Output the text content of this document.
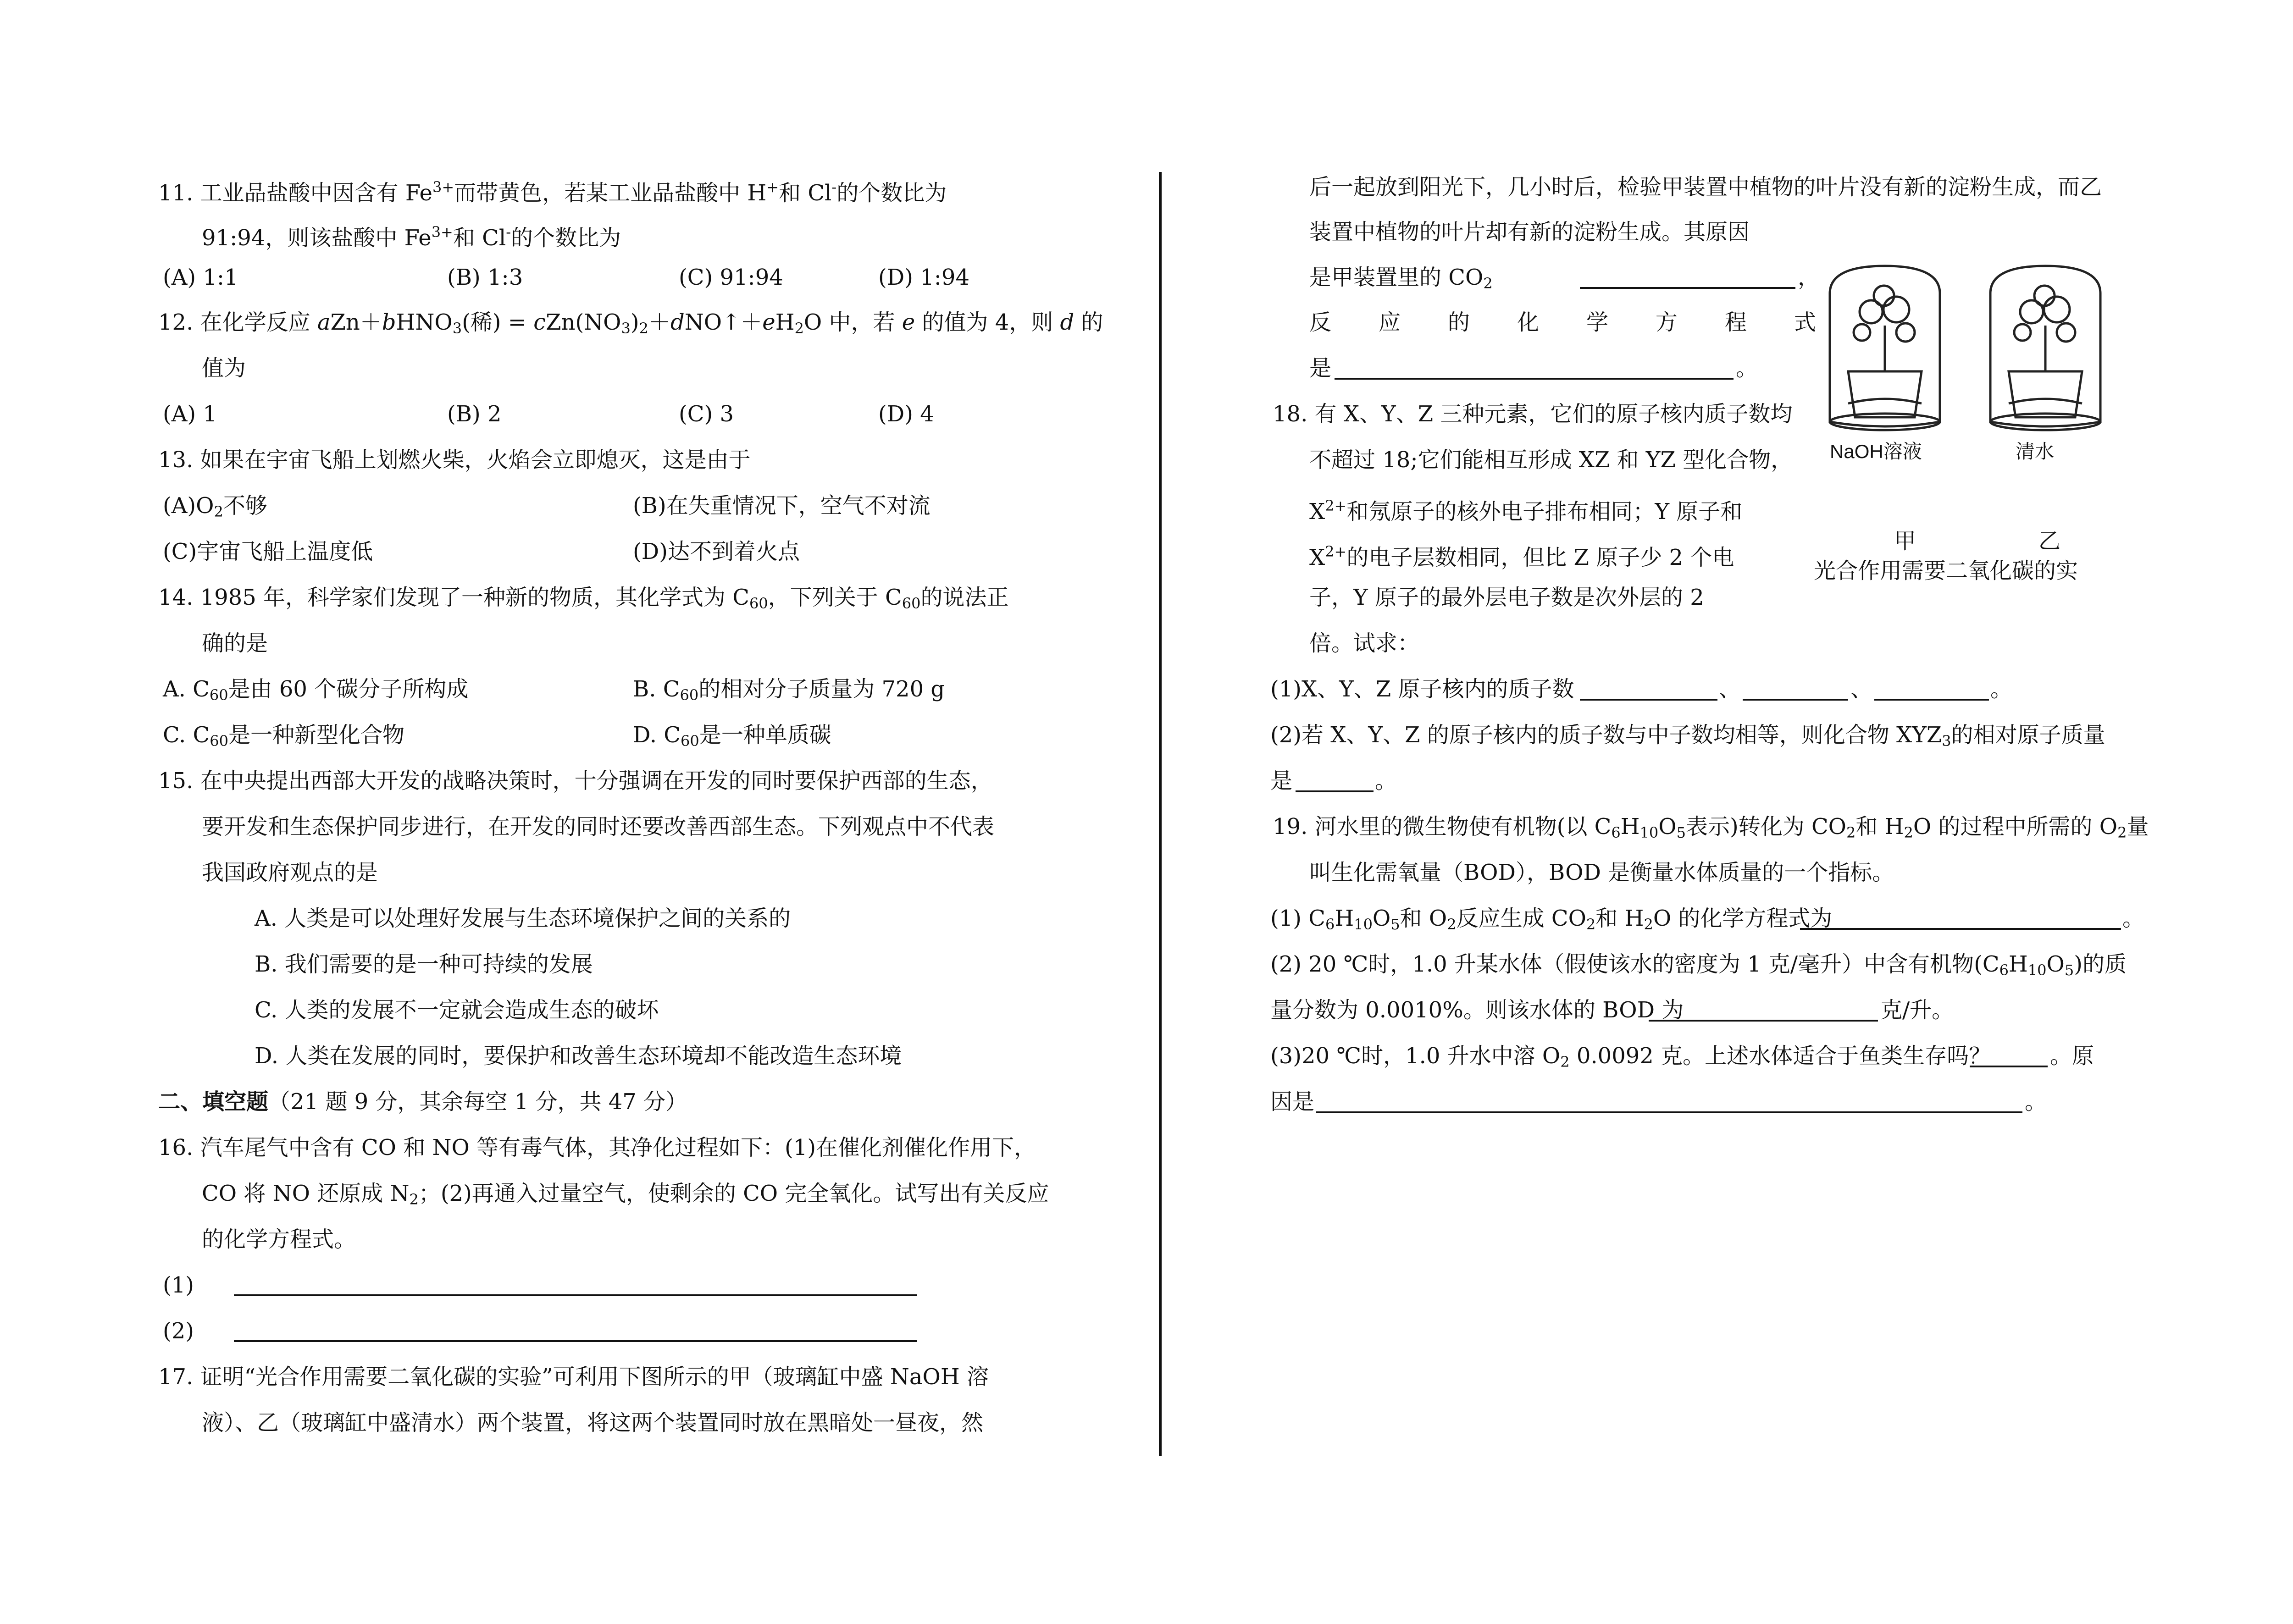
11. 工业品盐酸中因含有 $Fe^{3+}$而带黄色，若某工业品盐酸中 H+和 Cl-的个数比为
91:94，则该盐酸中 $Fe^{3+}$和 Cl-的个数比为
(A) 1:1	(B) 1:3	(C) 91:94	(D) 1:94
12. 在化学反应 aZn＋bHNO$_3$(稀) = $cZn(NO_3)_2+dNO↑+eH_2O$ 中，若 e 的值为 4，则 d 的
值为
(A) 1	(B) 2	(C) 3	(D) 4
13. 如果在宇宙飞船上划燃火柴，火焰会立即熄灭，这是由于
$(A)O_2$不够	(B)在失重情况下，空气不对流
(C)宇宙飞船上温度低	(D)达不到着火点
14. 1985 年，科学家们发现了一种新的物质，其化学式为 $C_{60}$，下列关于 $C_{60}$的说法正
确的是
A. $C_{60}$是由 60 个碳分子所构成	B. $C_{60}$的相对分子质量为 720 g
C. $C_{60}$是一种新型化合物	D. $C_{60}$是一种单质碳
15. 在中央提出西部大开发的战略决策时，十分强调在开发的同时要保护西部的生态，
要开发和生态保护同步进行，在开发的同时还要改善西部生态。下列观点中不代表
我国政府观点的是
A. 人类是可以处理好发展与生态环境保护之间的关系的
B. 我们需要的是一种可持续的发展
C. 人类的发展不一定就会造成生态的破坏
D. 人类在发展的同时，要保护和改善生态环境却不能改造生态环境
二、填空题（21 题 9 分，其余每空 1 分，共 47 分）
16. 汽车尾气中含有 CO 和 NO 等有毒气体，其净化过程如下：(1)在催化剂催化作用下，
CO 将 NO 还原成 $N_2$；(2)再通入过量空气，使剩余的 CO 完全氧化。试写出有关反应
的化学方程式。
(1)
(2)
17. 证明“光合作用需要二氧化碳的实验”可利用下图所示的甲（玻璃缸中盛 NaOH 溶
液）、乙（玻璃缸中盛清水）两个装置，将这两个装置同时放在黑暗处一昼夜，然
后一起放到阳光下，几小时后，检验甲装置中植物的叶片没有新的淀粉生成，而乙
装置中植物的叶片却有新的淀粉生成。其原因
是甲装置里的 $CO_2$	，
反 应 的 化 学 方 程 式
是	。
NaOH溶液	清水
甲	乙
光合作用需要二氧化碳的实
18. 有 X、Y、Z 三种元素，它们的原子核内质子数均
不超过 18;它们能相互形成 XZ 和 YZ 型化合物，
$X^{2+}$和氖原子的核外电子排布相同；Y 原子和
$X^{2+}$的电子层数相同，但比 Z 原子少 2 个电
子，Y 原子的最外层电子数是次外层的 2
倍。试求：
(1)X、Y、Z 原子核内的质子数	、	、	。
(2)若 X、Y、Z 的原子核内的质子数与中子数均相等，则化合物 $XYZ_3$的相对原子质量
是	。
19. 河水里的微生物使有机物(以 $C_6H_{10}O_5$表示)转化为 $CO_2$和 $H_2O$ 的过程中所需的 $O_2$量
叫生化需氧量（BOD），BOD 是衡量水体质量的一个指标。
(1) $C_6H_{10}O_5$和 $O_2$反应生成 $CO_2$和 $H_2O$ 的化学方程式为	。
(2) 20 ℃时，1.0 升某水体（假使该水的密度为 1 克/毫升）中含有机物$(C_6H_{10}O_5)$的质
量分数为 0.0010%。则该水体的 BOD 为	克/升。
(3)20 ℃时，1.0 升水中溶 $O_2$ 0.0092 克。上述水体适合于鱼类生存吗？	。原
因是	。
